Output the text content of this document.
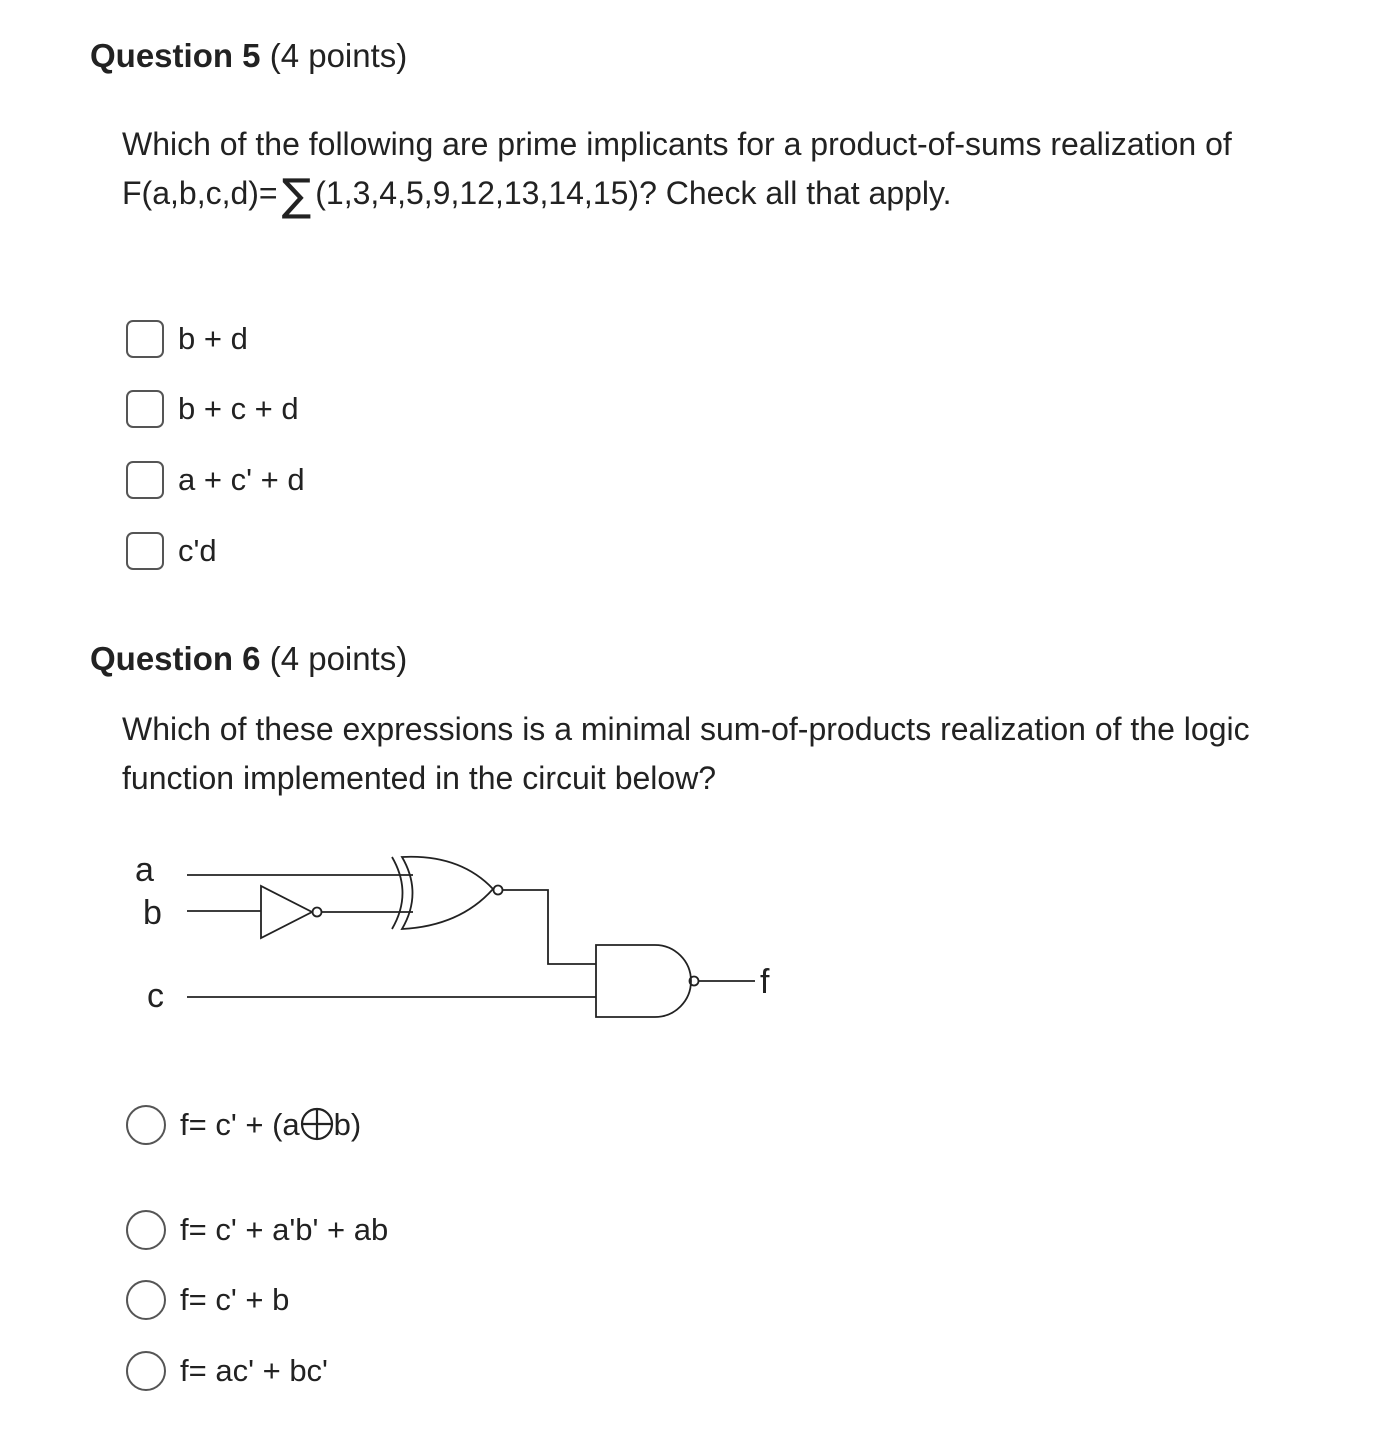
Question 5 (4 points)
Which of the following are prime implicants for a product-of-sums realization of
F(a,b,c,d)=∑ (1,3,4,5,9,12,13,14,15)? Check all that apply.
b + d
b + c + d
a + c' + d
c'd
Question 6 (4 points)
Which of these expressions is a minimal sum-of-products realization of the logic function implemented in the circuit below?
a
b
c	f
f= c' + (a b)
f= c' + a'b' + ab
f= c' + b
f= ac' + bc'
